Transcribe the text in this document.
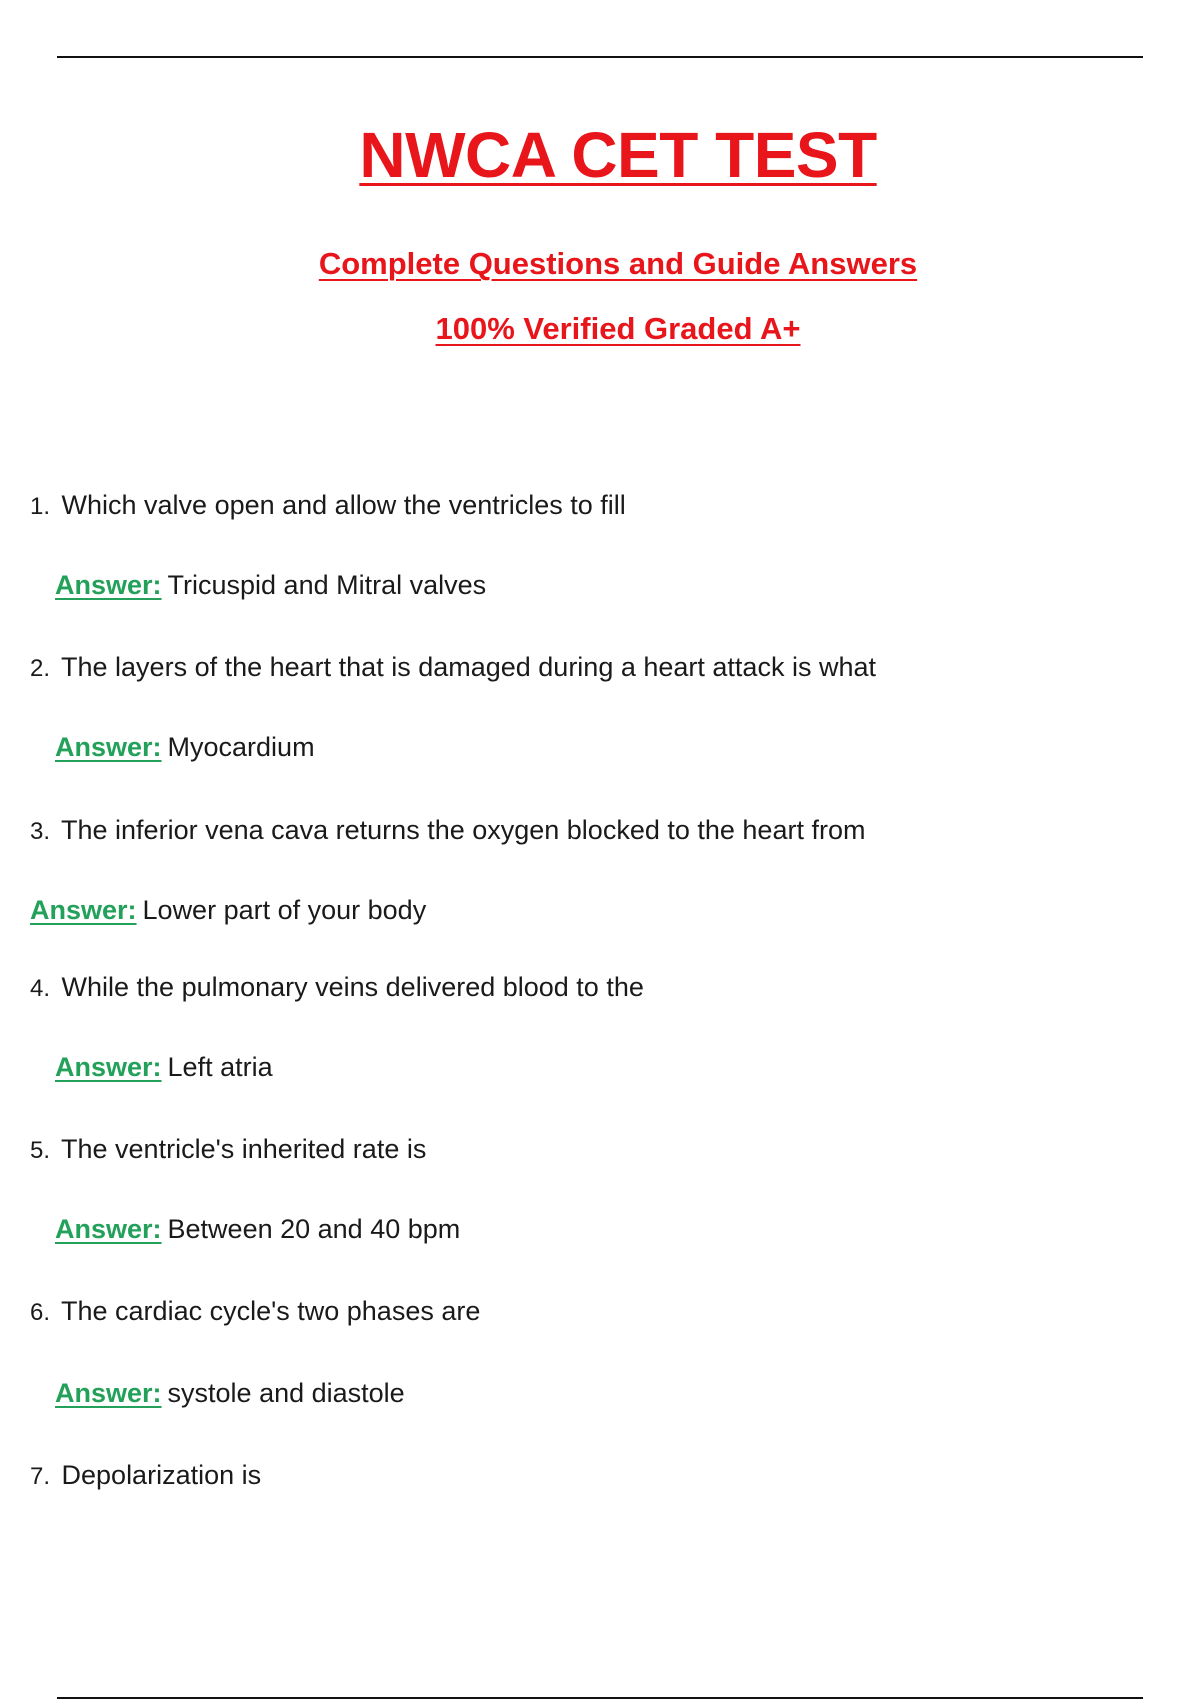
NWCA CET TEST
Complete Questions and Guide Answers
100% Verified Graded A+
1. Which valve open and allow the ventricles to fill
Answer: Tricuspid and Mitral valves
2. The layers of the heart that is damaged during a heart attack is what
Answer: Myocardium
3. The inferior vena cava returns the oxygen blocked to the heart from
Answer: Lower part of your body
4. While the pulmonary veins delivered blood to the
Answer: Left atria
5. The ventricle's inherited rate is
Answer: Between 20 and 40 bpm
6. The cardiac cycle's two phases are
Answer: systole and diastole
7. Depolarization is
